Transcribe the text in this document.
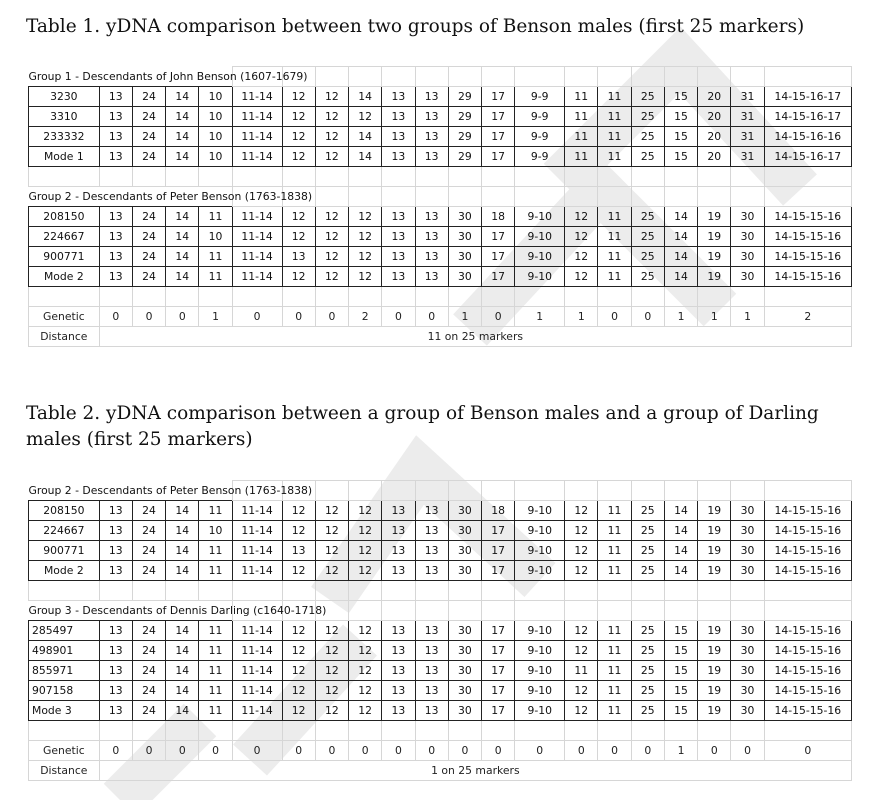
Table 1. yDNA comparison between two groups of Benson males (first 25 markers)
Group 1 - Descendants of John Benson (1607-1679)																				
3230	13	24	14	10	11-14	12	12	14	13	13	29	17	9-9	11	11	25	15	20	31	14-15-16-17
3310	13	24	14	10	11-14	12	12	12	13	13	29	17	9-9	11	11	25	15	20	31	14-15-16-17
233332	13	24	14	10	11-14	12	12	14	13	13	29	17	9-9	11	11	25	15	20	31	14-15-16-16
Mode 1	13	24	14	10	11-14	12	12	14	13	13	29	17	9-9	11	11	25	15	20	31	14-15-16-17

Group 2 - Descendants of Peter Benson (1763-1838)																				
208150	13	24	14	11	11-14	12	12	12	13	13	30	18	9-10	12	11	25	14	19	30	14-15-15-16
224667	13	24	14	10	11-14	12	12	12	13	13	30	17	9-10	12	11	25	14	19	30	14-15-15-16
900771	13	24	14	11	11-14	13	12	12	13	13	30	17	9-10	12	11	25	14	19	30	14-15-15-16
Mode 2	13	24	14	11	11-14	12	12	12	13	13	30	17	9-10	12	11	25	14	19	30	14-15-15-16

Genetic	0	0	0	1	0	0	0	2	0	0	1	0	1	1	0	0	1	1	1	2
Distance	11 on 25 markers																			
Table 2. yDNA comparison between a group of Benson males and a group of Darling males (first 25 markers)
Group 2 - Descendants of Peter Benson (1763-1838)																				
208150	13	24	14	11	11-14	12	12	12	13	13	30	18	9-10	12	11	25	14	19	30	14-15-15-16
224667	13	24	14	10	11-14	12	12	12	13	13	30	17	9-10	12	11	25	14	19	30	14-15-15-16
900771	13	24	14	11	11-14	13	12	12	13	13	30	17	9-10	12	11	25	14	19	30	14-15-15-16
Mode 2	13	24	14	11	11-14	12	12	12	13	13	30	17	9-10	12	11	25	14	19	30	14-15-15-16

Group 3 - Descendants of Dennis Darling (c1640-1718)																				
285497	13	24	14	11	11-14	12	12	12	13	13	30	17	9-10	12	11	25	15	19	30	14-15-15-16
498901	13	24	14	11	11-14	12	12	12	13	13	30	17	9-10	12	11	25	15	19	30	14-15-15-16
855971	13	24	14	11	11-14	12	12	12	13	13	30	17	9-10	11	11	25	15	19	30	14-15-15-16
907158	13	24	14	11	11-14	12	12	12	13	13	30	17	9-10	12	11	25	15	19	30	14-15-15-16
Mode 3	13	24	14	11	11-14	12	12	12	13	13	30	17	9-10	12	11	25	15	19	30	14-15-15-16

Genetic	0	0	0	0	0	0	0	0	0	0	0	0	0	0	0	0	1	0	0	0
Distance	1 on 25 markers																			
